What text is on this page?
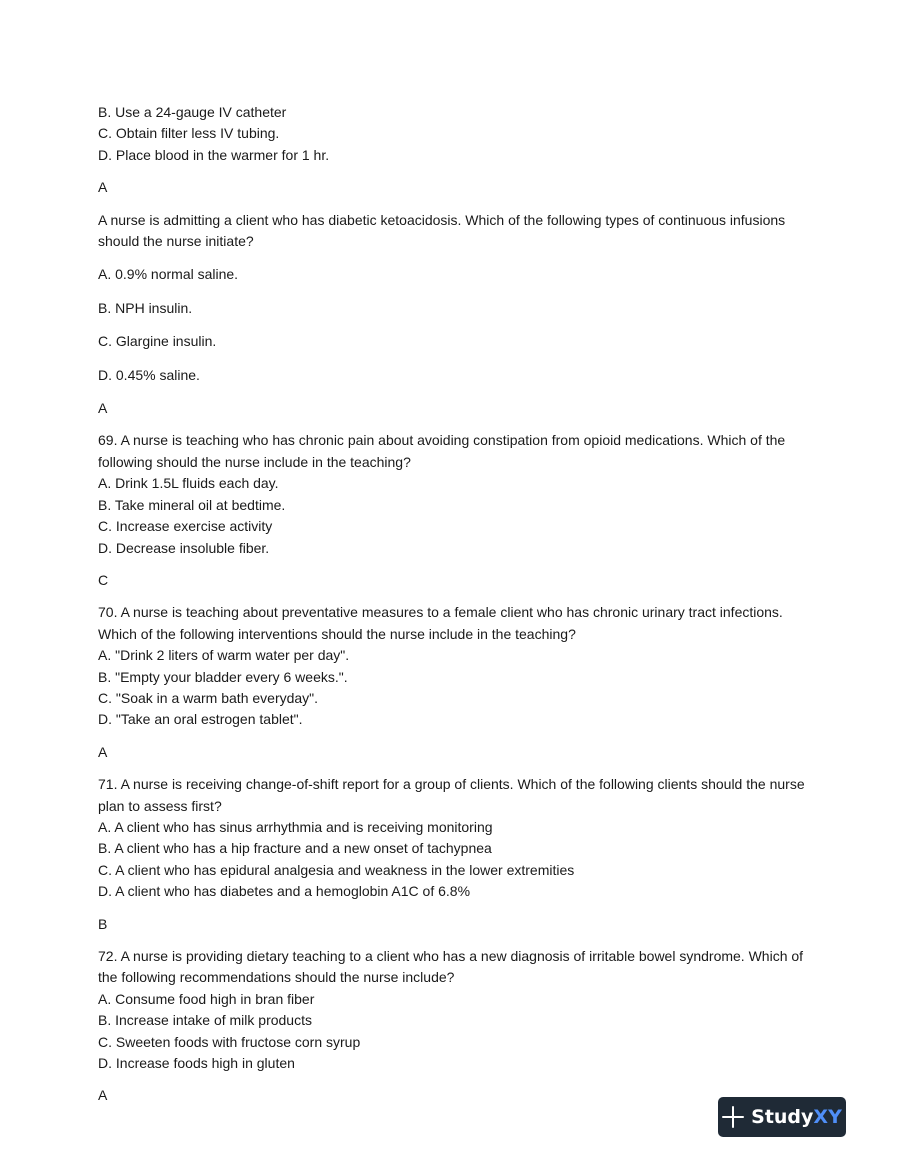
B. Use a 24-gauge IV catheter
C. Obtain filter less IV tubing.
D. Place blood in the warmer for 1 hr.
A
A nurse is admitting a client who has diabetic ketoacidosis. Which of the following types of continuous infusions should the nurse initiate?
A. 0.9% normal saline.
B. NPH insulin.
C. Glargine insulin.
D. 0.45% saline.
A
69. A nurse is teaching who has chronic pain about avoiding constipation from opioid medications. Which of the following should the nurse include in the teaching?
A. Drink 1.5L fluids each day.
B. Take mineral oil at bedtime.
C. Increase exercise activity
D. Decrease insoluble fiber.
C
70. A nurse is teaching about preventative measures to a female client who has chronic urinary tract infections. Which of the following interventions should the nurse include in the teaching?
A. "Drink 2 liters of warm water per day".
B. "Empty your bladder every 6 weeks.".
C. "Soak in a warm bath everyday".
D. "Take an oral estrogen tablet".
A
71. A nurse is receiving change-of-shift report for a group of clients. Which of the following clients should the nurse plan to assess first?
A. A client who has sinus arrhythmia and is receiving monitoring
B. A client who has a hip fracture and a new onset of tachypnea
C. A client who has epidural analgesia and weakness in the lower extremities
D. A client who has diabetes and a hemoglobin A1C of 6.8%
B
72. A nurse is providing dietary teaching to a client who has a new diagnosis of irritable bowel syndrome. Which of the following recommendations should the nurse include?
A. Consume food high in bran fiber
B. Increase intake of milk products
C. Sweeten foods with fructose corn syrup
D. Increase foods high in gluten
A
Study XY
